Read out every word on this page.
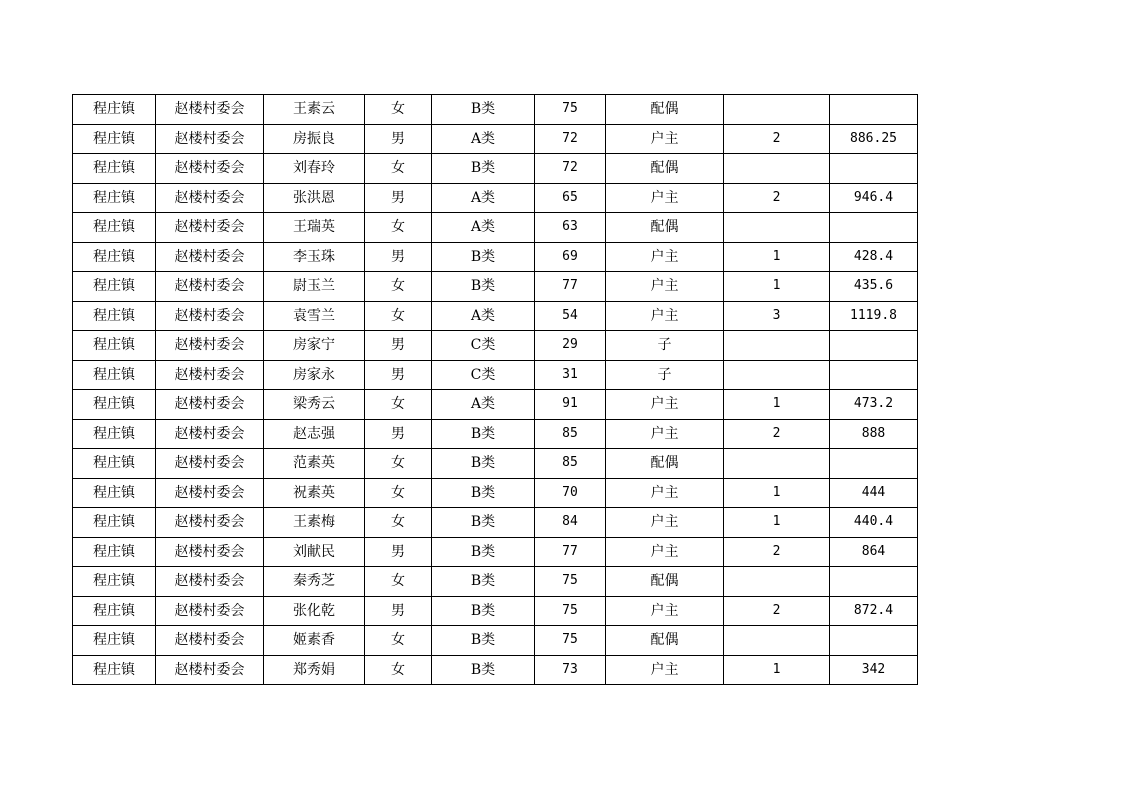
程庄镇	赵楼村委会	王素云	女	B类	75	配偶		
程庄镇	赵楼村委会	房振良	男	A类	72	户主	2	886.25
程庄镇	赵楼村委会	刘春玲	女	B类	72	配偶		
程庄镇	赵楼村委会	张洪恩	男	A类	65	户主	2	946.4
程庄镇	赵楼村委会	王瑞英	女	A类	63	配偶		
程庄镇	赵楼村委会	李玉珠	男	B类	69	户主	1	428.4
程庄镇	赵楼村委会	尉玉兰	女	B类	77	户主	1	435.6
程庄镇	赵楼村委会	袁雪兰	女	A类	54	户主	3	1119.8
程庄镇	赵楼村委会	房家宁	男	C类	29	子		
程庄镇	赵楼村委会	房家永	男	C类	31	子		
程庄镇	赵楼村委会	梁秀云	女	A类	91	户主	1	473.2
程庄镇	赵楼村委会	赵志强	男	B类	85	户主	2	888
程庄镇	赵楼村委会	范素英	女	B类	85	配偶		
程庄镇	赵楼村委会	祝素英	女	B类	70	户主	1	444
程庄镇	赵楼村委会	王素梅	女	B类	84	户主	1	440.4
程庄镇	赵楼村委会	刘献民	男	B类	77	户主	2	864
程庄镇	赵楼村委会	秦秀芝	女	B类	75	配偶		
程庄镇	赵楼村委会	张化乾	男	B类	75	户主	2	872.4
程庄镇	赵楼村委会	姬素香	女	B类	75	配偶		
程庄镇	赵楼村委会	郑秀娟	女	B类	73	户主	1	342
